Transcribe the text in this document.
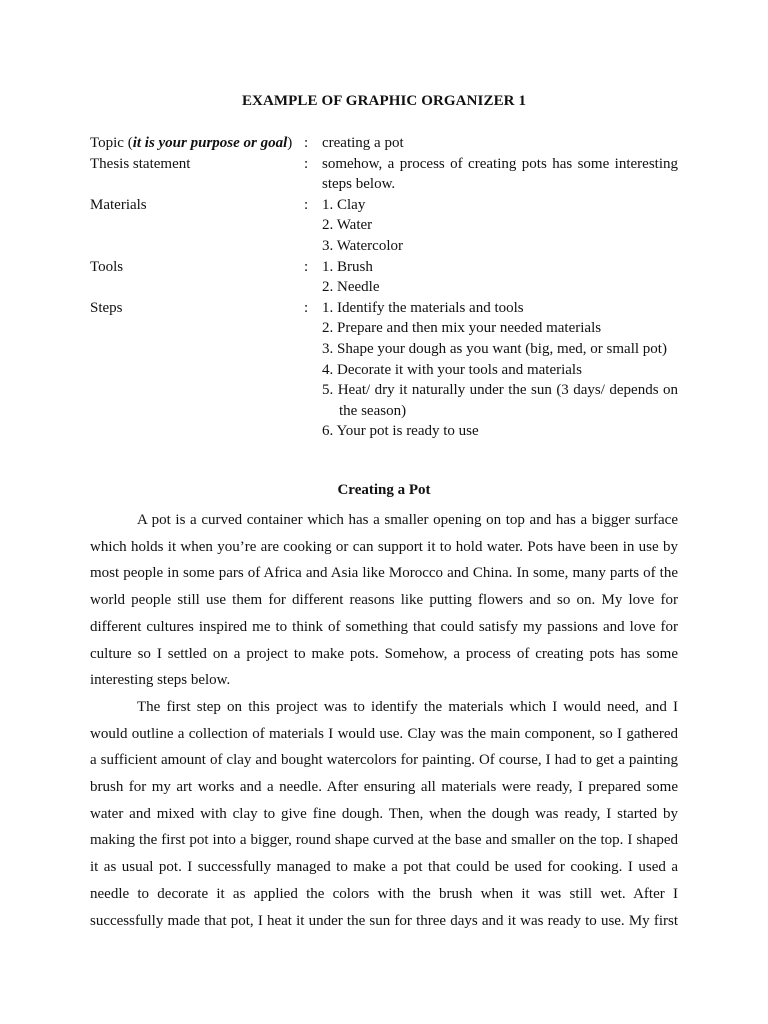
EXAMPLE OF GRAPHIC ORGANIZER 1
Topic (it is your purpose or goal) : creating a pot
Thesis statement	: somehow, a process of creating pots has some interesting
steps below.
Materials	: 1. Clay
2. Water
3. Watercolor
Tools	: 1. Brush
2. Needle
Steps	: 1. Identify the materials and tools
2. Prepare and then mix your needed materials
3. Shape your dough as you want (big, med, or small pot)
4. Decorate it with your tools and materials
5. Heat/ dry it naturally under the sun (3 days/ depends on
the season)
6. Your pot is ready to use
Creating a Pot
A pot is a curved container which has a smaller opening on top and has a bigger surface
which holds it when you’re are cooking or can support it to hold water. Pots have been in use by
most people in some pars of Africa and Asia like Morocco and China. In some, many parts of the
world people still use them for different reasons like putting flowers and so on. My love for
different cultures inspired me to think of something that could satisfy my passions and love for
culture so I settled on a project to make pots. Somehow, a process of creating pots has some
interesting steps below.
The first step on this project was to identify the materials which I would need, and I
would outline a collection of materials I would use. Clay was the main component, so I gathered
a sufficient amount of clay and bought watercolors for painting. Of course, I had to get a painting
brush for my art works and a needle. After ensuring all materials were ready, I prepared some
water and mixed with clay to give fine dough. Then, when the dough was ready, I started by
making the first pot into a bigger, round shape curved at the base and smaller on the top. I shaped
it as usual pot. I successfully managed to make a pot that could be used for cooking. I used a
needle to decorate it as applied the colors with the brush when it was still wet. After I
successfully made that pot, I heat it under the sun for three days and it was ready to use. My first
